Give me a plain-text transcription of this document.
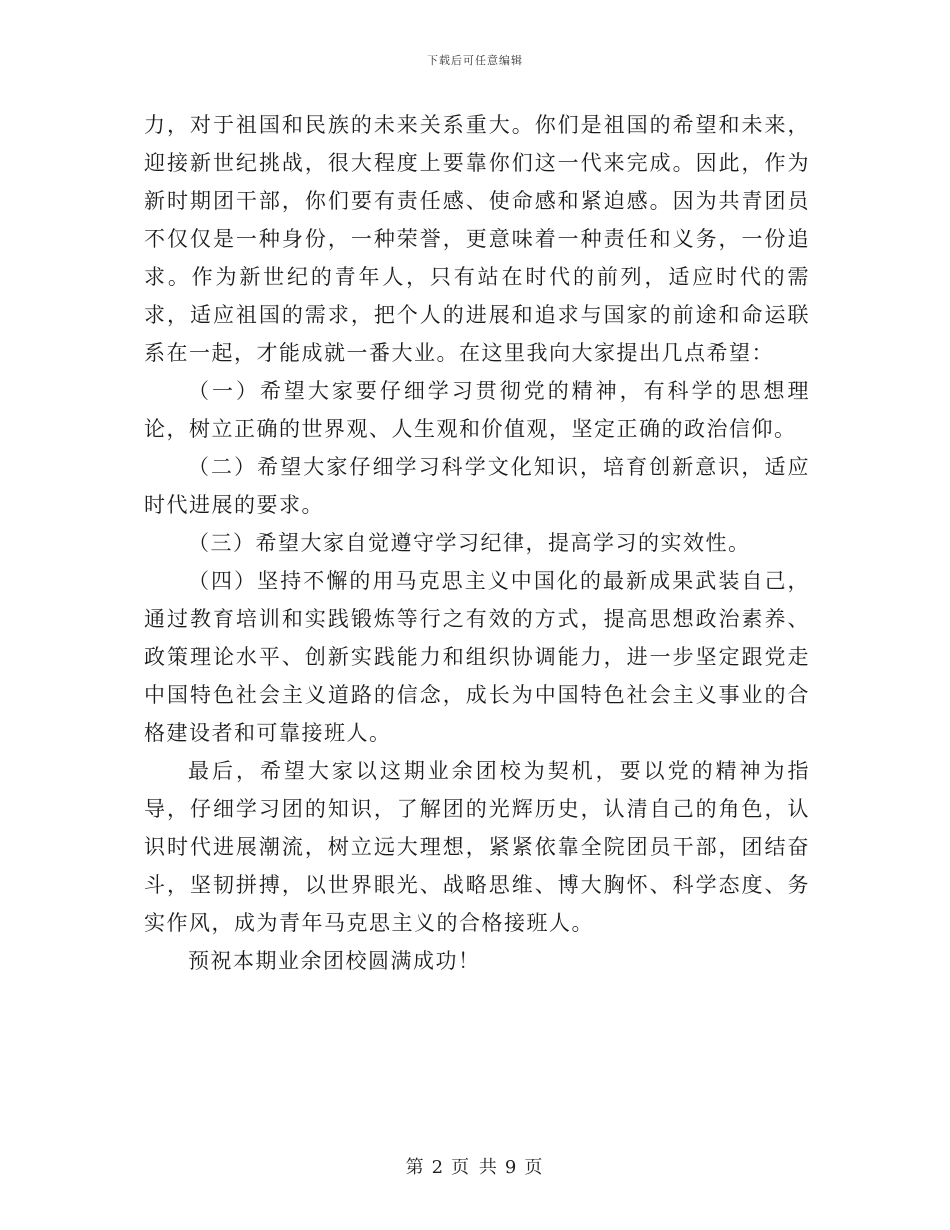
下载后可任意编辑

力，对于祖国和民族的未来关系重大。你们是祖国的希望和未来，迎接新世纪挑战，很大程度上要靠你们这一代来完成。因此，作为新时期团干部，你们要有责任感、使命感和紧迫感。因为共青团员不仅仅是一种身份，一种荣誉，更意味着一种责任和义务，一份追求。作为新世纪的青年人，只有站在时代的前列，适应时代的需求，适应祖国的需求，把个人的进展和追求与国家的前途和命运联系在一起，才能成就一番大业。在这里我向大家提出几点希望：

（一）希望大家要仔细学习贯彻党的精神，有科学的思想理论，树立正确的世界观、人生观和价值观，坚定正确的政治信仰。

（二）希望大家仔细学习科学文化知识，培育创新意识，适应时代进展的要求。

（三）希望大家自觉遵守学习纪律，提高学习的实效性。

（四）坚持不懈的用马克思主义中国化的最新成果武装自己，通过教育培训和实践锻炼等行之有效的方式，提高思想政治素养、政策理论水平、创新实践能力和组织协调能力，进一步坚定跟党走中国特色社会主义道路的信念，成长为中国特色社会主义事业的合格建设者和可靠接班人。

最后，希望大家以这期业余团校为契机，要以党的精神为指导，仔细学习团的知识，了解团的光辉历史，认清自己的角色，认识时代进展潮流，树立远大理想，紧紧依靠全院团员干部，团结奋斗，坚韧拼搏，以世界眼光、战略思维、博大胸怀、科学态度、务实作风，成为青年马克思主义的合格接班人。

预祝本期业余团校圆满成功！

第 2 页 共 9 页
